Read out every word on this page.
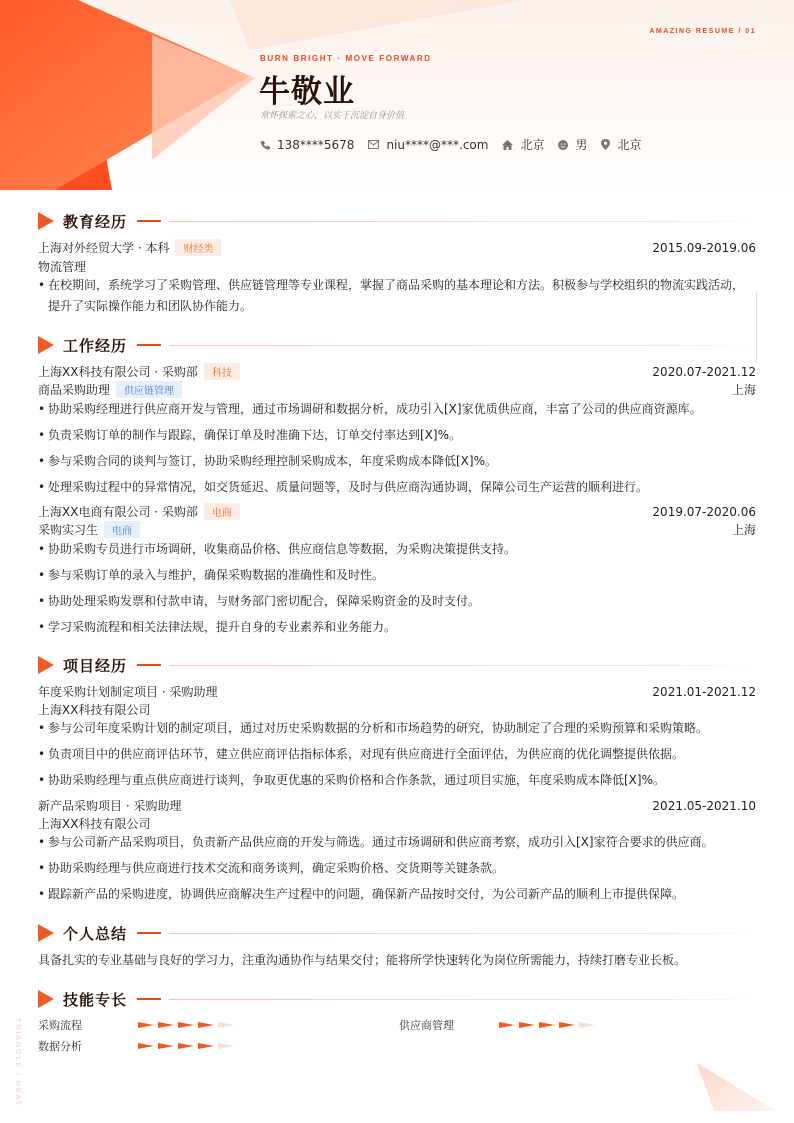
AMAZING RESUME / 01
BURN BRIGHT · MOVE FORWARD
牛敬业
常怀探索之心，以实干沉淀自身价值
138****5678	niu****@***.com	北京	男	北京
教育经历
上海对外经贸大学 · 本科	财经类	2015.09-2019.06
物流管理
• 在校期间，系统学习了采购管理、供应链管理等专业课程，掌握了商品采购的基本理论和方法。积极参与学校组织的物流实践活动，
提升了实际操作能力和团队协作能力。
工作经历
上海XX科技有限公司 · 采购部	科技	2020.07-2021.12
商品采购助理	供应链管理	上海
• 协助采购经理进行供应商开发与管理，通过市场调研和数据分析，成功引入[X]家优质供应商，丰富了公司的供应商资源库。
• 负责采购订单的制作与跟踪，确保订单及时准确下达，订单交付率达到[X]%。
• 参与采购合同的谈判与签订，协助采购经理控制采购成本，年度采购成本降低[X]%。
• 处理采购过程中的异常情况，如交货延迟、质量问题等，及时与供应商沟通协调，保障公司生产运营的顺利进行。
上海XX电商有限公司 · 采购部	电商	2019.07-2020.06
采购实习生	电商	上海
• 协助采购专员进行市场调研，收集商品价格、供应商信息等数据，为采购决策提供支持。
• 参与采购订单的录入与维护，确保采购数据的准确性和及时性。
• 协助处理采购发票和付款申请，与财务部门密切配合，保障采购资金的及时支付。
• 学习采购流程和相关法律法规，提升自身的专业素养和业务能力。
项目经历
年度采购计划制定项目 · 采购助理	2021.01-2021.12
上海XX科技有限公司
• 参与公司年度采购计划的制定项目，通过对历史采购数据的分析和市场趋势的研究，协助制定了合理的采购预算和采购策略。
• 负责项目中的供应商评估环节，建立供应商评估指标体系，对现有供应商进行全面评估，为供应商的优化调整提供依据。
• 协助采购经理与重点供应商进行谈判，争取更优惠的采购价格和合作条款，通过项目实施，年度采购成本降低[X]%。
新产品采购项目 · 采购助理	2021.05-2021.10
上海XX科技有限公司
• 参与公司新产品采购项目，负责新产品供应商的开发与筛选。通过市场调研和供应商考察，成功引入[X]家符合要求的供应商。
• 协助采购经理与供应商进行技术交流和商务谈判，确定采购价格、交货期等关键条款。
• 跟踪新产品的采购进度，协调供应商解决生产过程中的问题，确保新产品按时交付，为公司新产品的顺利上市提供保障。
个人总结
具备扎实的专业基础与良好的学习力，注重沟通协作与结果交付；能将所学快速转化为岗位所需能力，持续打磨专业长板。
技能专长
采购流程	供应商管理
数据分析
TRIANGLE / HEAT
